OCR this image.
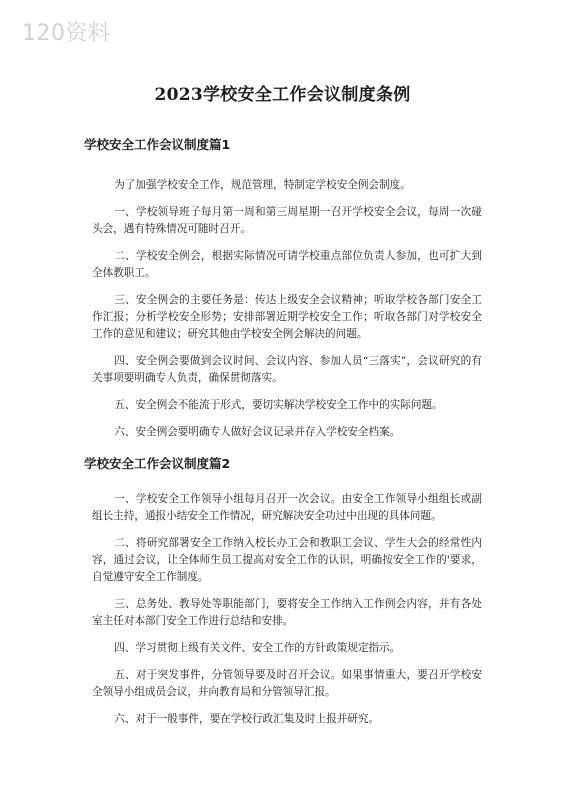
120资料
2023学校安全工作会议制度条例

学校安全工作会议制度篇1

为了加强学校安全工作，规范管理，特制定学校安全例会制度。

一、学校领导班子每月第一周和第三周星期一召开学校安全会议，每周一次碰头会，遇有特殊情况可随时召开。

二、学校安全例会，根据实际情况可请学校重点部位负责人参加，也可扩大到全体教职工。

三、安全例会的主要任务是：传达上级安全会议精神；听取学校各部门安全工作汇报；分析学校安全形势；安排部署近期学校安全工作；听取各部门对学校安全工作的意见和建议；研究其他由学校安全例会解决的问题。

四、安全例会要做到会议时间、会议内容、参加人员“三落实”，会议研究的有关事项要明确专人负责，确保贯彻落实。

五、安全例会不能流于形式，要切实解决学校安全工作中的实际问题。

六、安全例会要明确专人做好会议记录并存入学校安全档案。

学校安全工作会议制度篇2

一、学校安全工作领导小组每月召开一次会议。由安全工作领导小组组长或副组长主持，通报小结安全工作情况，研究解决安全功过中出现的具体问题。

二、将研究部署安全工作纳入校长办工会和教职工会议、学生大会的经常性内容，通过会议，让全体师生员工提高对安全工作的认识，明确按安全工作的'要求，自觉遵守安全工作制度。

三、总务处、教导处等职能部门，要将安全工作纳入工作例会内容，并有各处室主任对本部门安全工作进行总结和安排。

四、学习贯彻上级有关文件、安全工作的方针政策规定指示。

五、对于突发事件，分管领导要及时召开会议。如果事情重大，要召开学校安全领导小组成员会议，并向教育局和分管领导汇报。

六、对于一般事件，要在学校行政汇集及时上报并研究。
